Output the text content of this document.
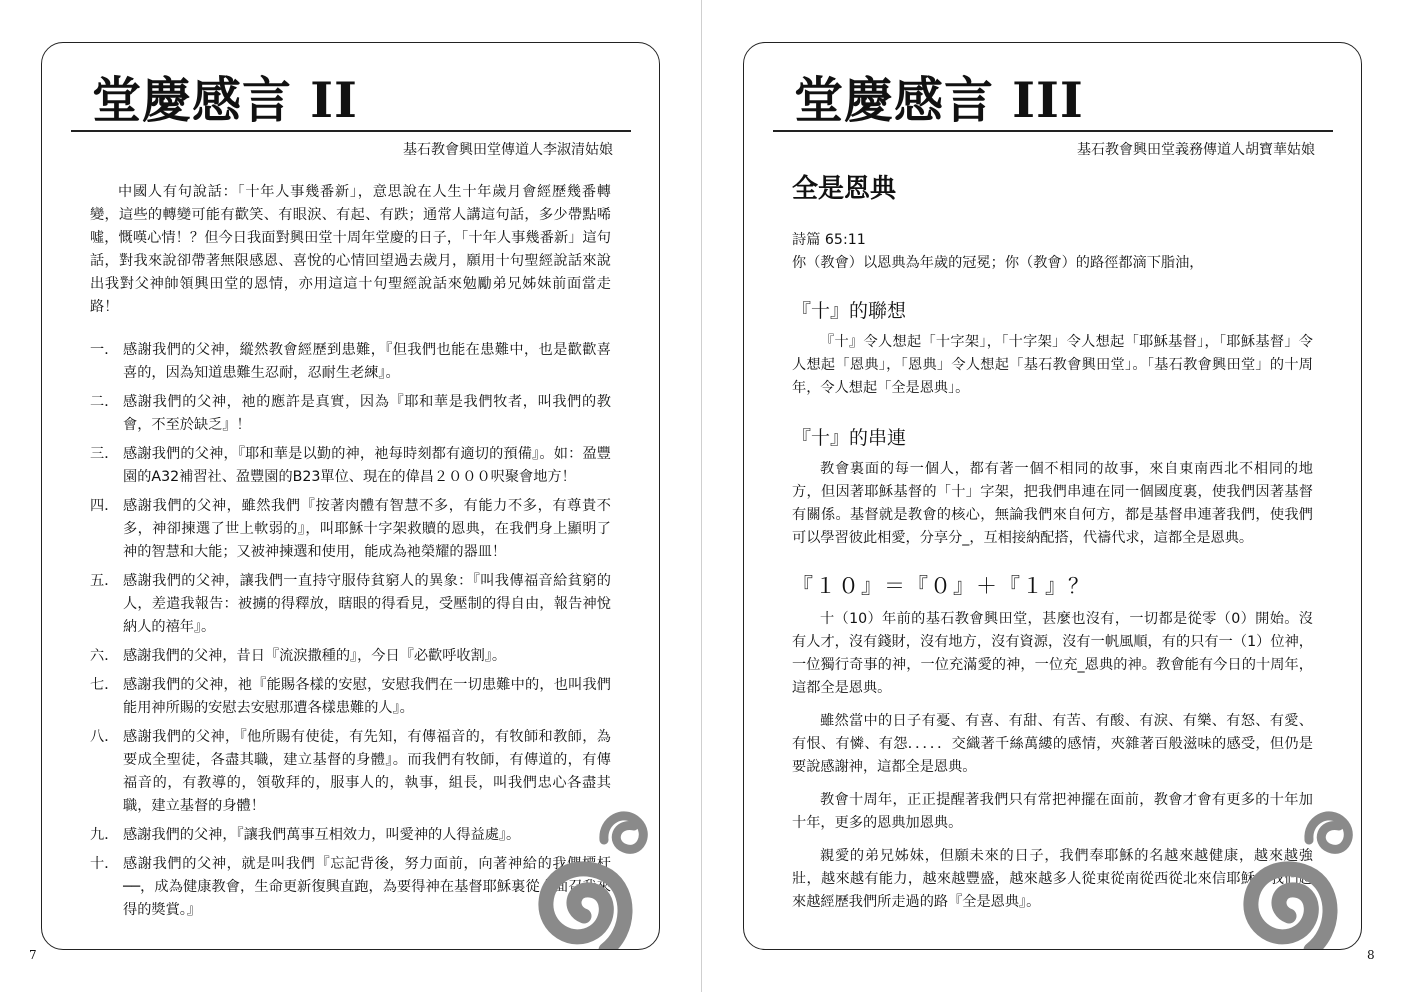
堂慶感言 II
基石教會興田堂傳道人李淑清姑娘

中國人有句說話：「十年人事幾番新」，意思說在人生十年歲月會經歷幾番轉變，這些的轉變可能有歡笑、有眼淚、有起、有跌；通常人講這句話，多少帶點唏噓，慨嘆心情！？但今日我面對興田堂十周年堂慶的日子，「十年人事幾番新」這句話，對我來說卻帶著無限感恩、喜悅的心情回望過去歲月，願用十句聖經說話來說出我對父神帥領興田堂的恩情，亦用這這十句聖經說話來勉勵弟兄姊妹前面當走路！

一． 感謝我們的父神，縱然教會經歷到患難，『但我們也能在患難中，也是歡歡喜喜的，因為知道患難生忍耐，忍耐生老練』。
二． 感謝我們的父神，祂的應許是真實，因為『耶和華是我們牧者，叫我們的教會，不至於缺乏』！
三． 感謝我們的父神，『耶和華是以勤的神，祂每時刻都有適切的預備』。如：盈豐園的A32補習社、盈豐園的B23單位、現在的偉昌２０００呎聚會地方！
四． 感謝我們的父神，雖然我們『按著肉體有智慧不多，有能力不多，有尊貴不多，神卻揀選了世上軟弱的』，叫耶穌十字架救贖的恩典，在我們身上顯明了神的智慧和大能；又被神揀選和使用，能成為祂榮耀的器皿！
五． 感謝我們的父神，讓我們一直持守服侍貧窮人的異象：『叫我傳福音給貧窮的人，差遣我報告：被擄的得釋放，瞎眼的得看見，受壓制的得自由，報告神悅納人的禧年』。
六． 感謝我們的父神，昔日『流淚撒種的』，今日『必歡呼收割』。
七． 感謝我們的父神，祂『能賜各樣的安慰，安慰我們在一切患難中的，也叫我們能用神所賜的安慰去安慰那遭各樣患難的人』。
八． 感謝我們的父神，『他所賜有使徒，有先知，有傳福音的，有牧師和教師，為要成全聖徒，各盡其職，建立基督的身體』。而我們有牧師，有傳道的，有傳福音的，有教導的，領敬拜的，服事人的，執事，組長，叫我們忠心各盡其職，建立基督的身體！
九． 感謝我們的父神，『讓我們萬事互相效力，叫愛神的人得益處』。
十． 感謝我們的父神，就是叫我們『忘記背後，努力面前，向著神給的我們標杆──，成為健康教會，生命更新復興直跑，為要得神在基督耶穌裏從上面召我來得的獎賞。』
7
堂慶感言 III
基石教會興田堂義務傳道人胡寶華姑娘
全是恩典

詩篇 65:11

你（教會）以恩典為年歲的冠冕；你（教會）的路徑都滴下脂油，

『十』的聯想

『十』令人想起「十字架」，「十字架」令人想起「耶穌基督」，「耶穌基督」令人想起「恩典」，「恩典」令人想起「基石教會興田堂」。「基石教會興田堂」的十周年，令人想起「全是恩典」。

『十』的串連

教會裏面的每一個人，都有著一個不相同的故事，來自東南西北不相同的地方，但因著耶穌基督的「十」字架，把我們串連在同一個國度裏，使我們因著基督有關係。基督就是教會的核心，無論我們來自何方，都是基督串連著我們，使我們可以學習彼此相愛，分享分_，互相接納配搭，代禱代求，這都全是恩典。

『１０』＝『０』＋『１』？

十（10）年前的基石教會興田堂，甚麼也沒有，一切都是從零（0）開始。沒有人才，沒有錢財，沒有地方，沒有資源，沒有一帆風順，有的只有一（1）位神，一位獨行奇事的神，一位充滿愛的神，一位充_恩典的神。教會能有今日的十周年，這都全是恩典。

雖然當中的日子有憂、有喜、有甜、有苦、有酸、有淚、有樂、有怒、有愛、有恨、有憐、有怨．．．．．交織著千絲萬縷的感情，夾雜著百般滋味的感受，但仍是要說感謝神，這都全是恩典。

教會十周年，正正提醒著我們只有常把神擺在面前，教會才會有更多的十年加十年，更多的恩典加恩典。

親愛的弟兄姊妹，但願未來的日子，我們奉耶穌的名越來越健康，越來越強壯，越來越有能力，越來越豐盛，越來越多人從東從南從西從北來信耶穌，我們越來越經歷我們所走過的路『全是恩典』。

8
